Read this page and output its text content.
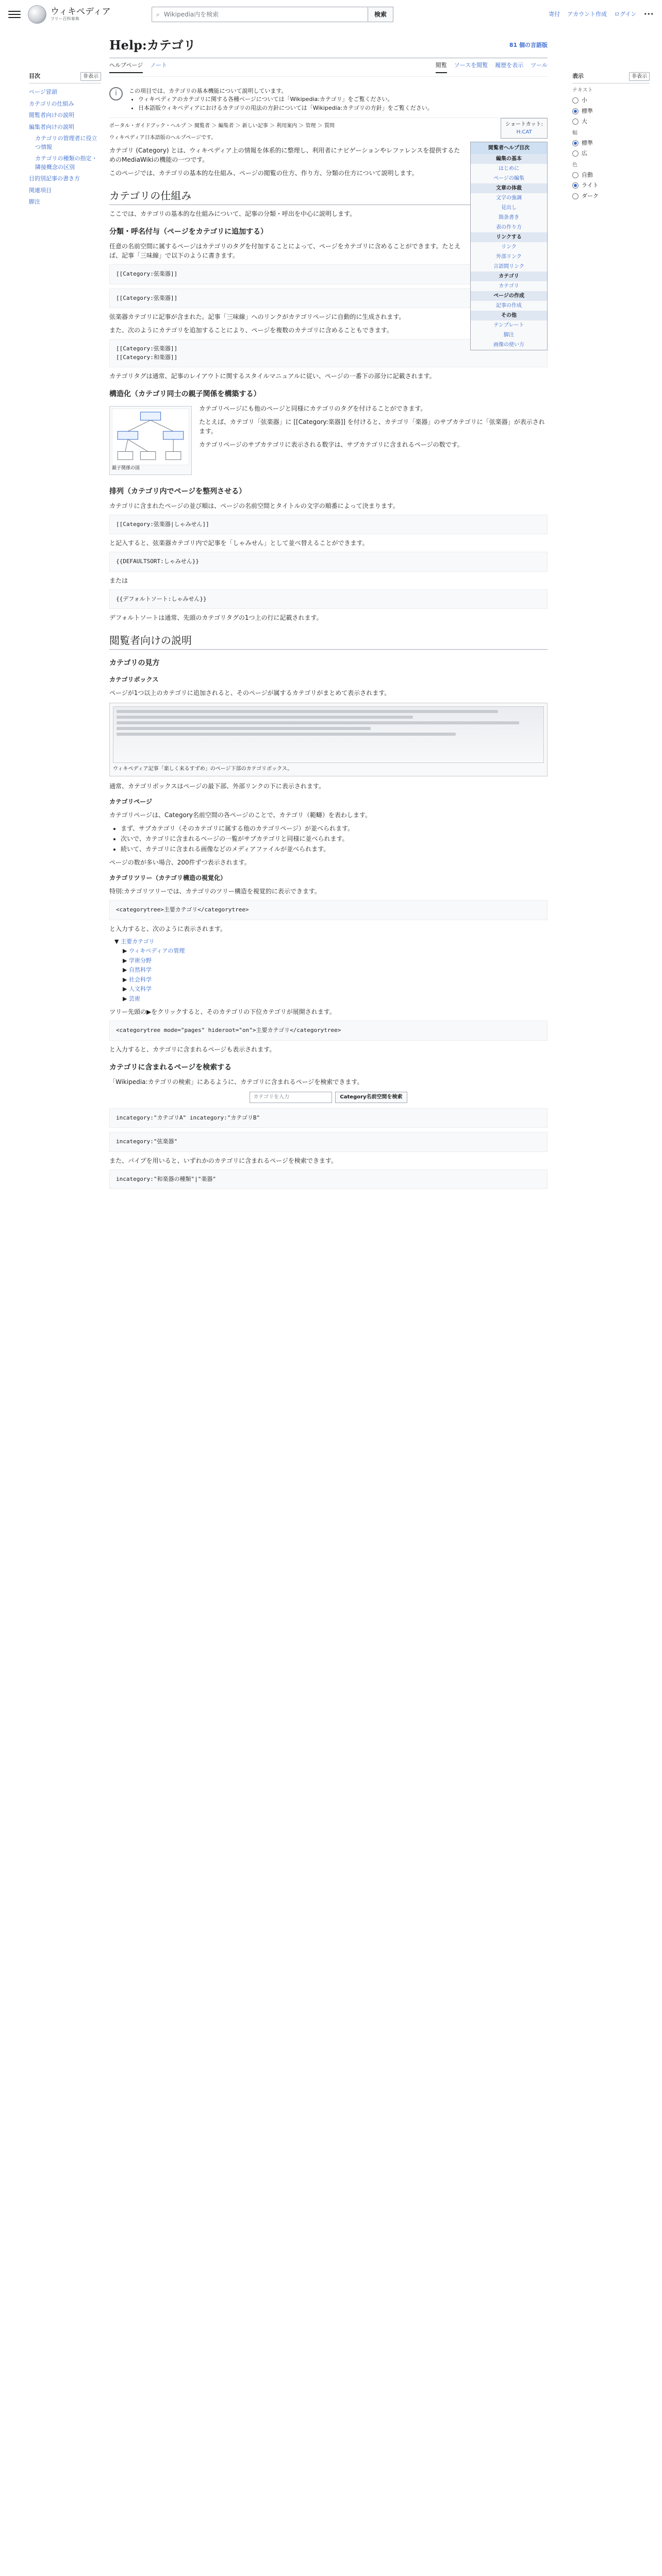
ウィキペディア
フリー百科事典
⌕ Wikipedia内を検索	検索	寄付 アカウント作成 ログイン •••
目次	非表示
ページ冒頭
カテゴリの仕組み
閲覧者向けの説明
編集者向けの説明
カテゴリの管理者に役立つ情報
カテゴリの種類の指定・隣接概念の区別
目的別記事の書き方
関連項目
脚注
Help:カテゴリ	81 個の言語版
ヘルプページ ノート	閲覧 ソースを閲覧 履歴を表示 ツール
i	この項目では、カテゴリの基本機能について説明しています。
• ウィキペディアのカテゴリに関する各種ページについては「Wikipedia:カテゴリ」をご覧ください。
• 日本語版ウィキペディアにおけるカテゴリの用法の方針については「Wikipedia:カテゴリの方針」をご覧ください。
ショートカット:
H:CAT
ポータル・ガイドブック・ヘルプ ＞ 閲覧者 ＞ 編集者 ＞ 新しい記事 ＞ 利用案内 ＞ 管理 ＞ 質問
ウィキペディア日本語版のヘルプページです。
閲覧者ヘルプ目次
編集の基本
はじめに
ページの編集
文章の体裁
文字の強調
見出し
箇条書き
表の作り方
リンクする
リンク
外部リンク
言語間リンク
カテゴリ
カテゴリ
ページの作成
記事の作成
その他
テンプレート
脚注
画像の使い方

カテゴリ (Category) とは、ウィキペディア上の情報を体系的に整理し、利用者にナビゲーションやレファレンスを提供するためのMediaWikiの機能の一つです。

このページでは、カテゴリの基本的な仕組み、ページの閲覧の仕方、作り方、分類の仕方について説明します。

カテゴリの仕組み

ここでは、カテゴリの基本的な仕組みについて、記事の分類・呼出を中心に説明します。

分類・呼名付与（ページをカテゴリに追加する）

任意の名前空間に属するページはカテゴリのタグを付加することによって、ページをカテゴリに含めることができます。たとえば、記事「三味線」で以下のように書きます。

[[Category:弦楽器]]
[[Category:弦楽器]]

弦楽器カテゴリに記事が含まれた。記事「三味線」へのリンクがカテゴリページに自動的に生成されます。

また、次のようにカテゴリを追加することにより、ページを複数のカテゴリに含めることもできます。

[[Category:弦楽器]]
[[Category:和楽器]]

カテゴリタグは通常、記事のレイアウトに関するスタイルマニュアルに従い、ページの一番下の部分に記載されます。

構造化（カテゴリ同士の親子関係を構築する）
親子関係の図

カテゴリページにも他のページと同様にカテゴリのタグを付けることができます。

たとえば、カテゴリ「弦楽器」に [[Category:楽器]] を付けると、カテゴリ「楽器」のサブカテゴリに「弦楽器」が表示されます。

カテゴリページのサブカテゴリに表示される数字は、サブカテゴリに含まれるページの数です。

排列（カテゴリ内でページを整列させる）

カテゴリに含まれたページの並び順は、ページの名前空間とタイトルの文字の順番によって決まります。

[[Category:弦楽器|しゃみせん]]

と記入すると、弦楽器カテゴリ内で記事を「しゃみせん」として並べ替えることができます。

{{DEFAULTSORT:しゃみせん}}

または

{{デフォルトソート:しゃみせん}}

デフォルトソートは通常、先頭のカテゴリタグの1つ上の行に記載されます。

閲覧者向けの説明
カテゴリの見方
カテゴリボックス

ページが1つ以上のカテゴリに追加されると、そのページが属するカテゴリがまとめて表示されます。

ウィキペディア記事「楽しく来るすずめ」のページ下部のカテゴリボックス。

通常、カテゴリボックスはページの最下部、外部リンクの下に表示されます。

カテゴリページ

カテゴリページは、Category名前空間の各ページのことで、カテゴリ（範疇）を表わします。

• まず、サブカテゴリ（そのカテゴリに属する他のカテゴリページ）が並べられます。
• 次いで、カテゴリに含まれるページの一覧がサブカテゴリと同様に並べられます。
• 続いて、カテゴリに含まれる画像などのメディアファイルが並べられます。

ページの数が多い場合、200件ずつ表示されます。

カテゴリツリー（カテゴリ構造の視覚化）

特別:カテゴリツリーでは、カテゴリのツリー構造を視覚的に表示できます。

<categorytree>主要カテゴリ</categorytree>

と入力すると、次のように表示されます。

▼ 主要カテゴリ
▶ ウィキペディアの管理
▶ 学術分野
▶ 自然科学
▶ 社会科学
▶ 人文科学
▶ 芸術

ツリー先頭の▶をクリックすると、そのカテゴリの下位カテゴリが展開されます。

<categorytree mode="pages" hideroot="on">主要カテゴリ</categorytree>

と入力すると、カテゴリに含まれるページも表示されます。

カテゴリに含まれるページを検索する

「Wikipedia:カテゴリの検索」にあるように、カテゴリに含まれるページを検索できます。

カテゴリを入力	Category名前空間を検索
incategory:"カテゴリA" incategory:"カテゴリB"
incategory:"弦楽器"

また、パイプを用いると、いずれかのカテゴリに含まれるページを検索できます。

incategory:"和楽器の種類"|"楽器"
表示	非表示
テキスト
小
標準
大
幅
標準
広
色
自動
ライト
ダーク
